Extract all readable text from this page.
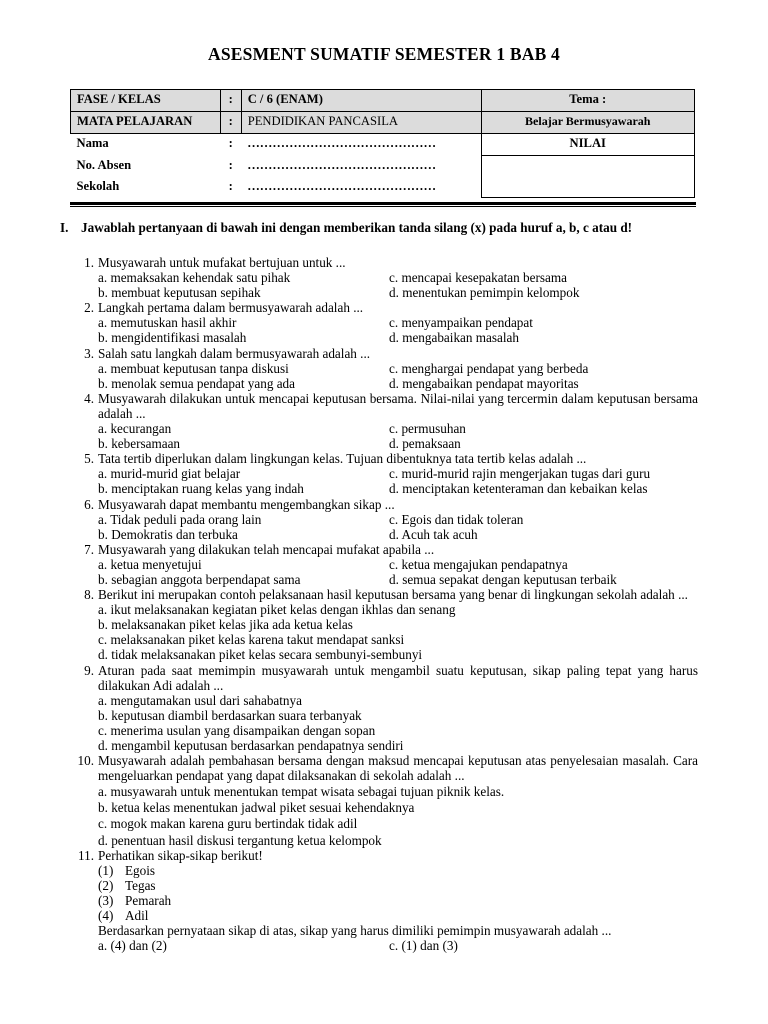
ASESMENT SUMATIF SEMESTER 1 BAB 4
FASE / KELAS	:	C / 6 (ENAM)	Tema :
MATA PELAJARAN	:	PENDIDIKAN PANCASILA	Belajar Bermusyawarah
Nama	:	………………………………………	NILAI
No. Absen	:	………………………………………	
Sekolah	:	………………………………………	
I. Jawablah pertanyaan di bawah ini dengan memberikan tanda silang (x) pada huruf a, b, c atau d!
1. Musyawarah untuk mufakat bertujuan untuk ...
a. memaksakan kehendak satu pihak	c. mencapai kesepakatan bersama
b. membuat keputusan sepihak	d. menentukan pemimpin kelompok
2. Langkah pertama dalam bermusyawarah adalah ...
a. memutuskan hasil akhir	c. menyampaikan pendapat
b. mengidentifikasi masalah	d. mengabaikan masalah
3. Salah satu langkah dalam bermusyawarah adalah ...
a. membuat keputusan tanpa diskusi	c. menghargai pendapat yang berbeda
b. menolak semua pendapat yang ada	d. mengabaikan pendapat mayoritas
4. Musyawarah dilakukan untuk mencapai keputusan bersama. Nilai-nilai yang tercermin dalam keputusan bersama adalah ...
a. kecurangan	c. permusuhan
b. kebersamaan	d. pemaksaan
5. Tata tertib diperlukan dalam lingkungan kelas. Tujuan dibentuknya tata tertib kelas adalah ...
a. murid-murid giat belajar	c. murid-murid rajin mengerjakan tugas dari guru
b. menciptakan ruang kelas yang indah	d. menciptakan ketenteraman dan kebaikan kelas
6. Musyawarah dapat membantu mengembangkan sikap ...
a. Tidak peduli pada orang lain	c. Egois dan tidak toleran
b. Demokratis dan terbuka	d. Acuh tak acuh
7. Musyawarah yang dilakukan telah mencapai mufakat apabila ...
a. ketua menyetujui	c. ketua mengajukan pendapatnya
b. sebagian anggota berpendapat sama	d. semua sepakat dengan keputusan terbaik
8. Berikut ini merupakan contoh pelaksanaan hasil keputusan bersama yang benar di lingkungan sekolah adalah ...
a. ikut melaksanakan kegiatan piket kelas dengan ikhlas dan senang
b. melaksanakan piket kelas jika ada ketua kelas
c. melaksanakan piket kelas karena takut mendapat sanksi
d. tidak melaksanakan piket kelas secara sembunyi-sembunyi
9. Aturan pada saat memimpin musyawarah untuk mengambil suatu keputusan, sikap paling tepat yang harus dilakukan Adi adalah ...
a. mengutamakan usul dari sahabatnya
b. keputusan diambil berdasarkan suara terbanyak
c. menerima usulan yang disampaikan dengan sopan
d. mengambil keputusan berdasarkan pendapatnya sendiri
10. Musyawarah adalah pembahasan bersama dengan maksud mencapai keputusan atas penyelesaian masalah. Cara mengeluarkan pendapat yang dapat dilaksanakan di sekolah adalah ...
a. musyawarah untuk menentukan tempat wisata sebagai tujuan piknik kelas.
b. ketua kelas menentukan jadwal piket sesuai kehendaknya
c. mogok makan karena guru bertindak tidak adil
d. penentuan hasil diskusi tergantung ketua kelompok
11. Perhatikan sikap-sikap berikut!
(1) Egois
(2) Tegas
(3) Pemarah
(4) Adil
Berdasarkan pernyataan sikap di atas, sikap yang harus dimiliki pemimpin musyawarah adalah ...
a. (4) dan (2)	c. (1) dan (3)
